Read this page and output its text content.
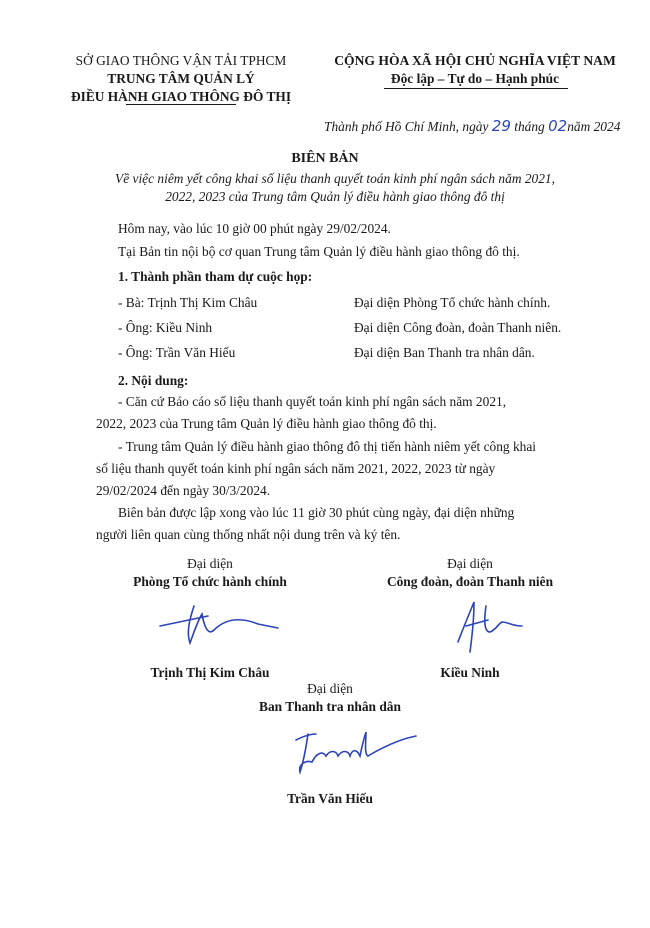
SỞ GIAO THÔNG VẬN TẢI TPHCM
TRUNG TÂM QUẢN LÝ
ĐIỀU HÀNH GIAO THÔNG ĐÔ THỊ
CỘNG HÒA XÃ HỘI CHỦ NGHĨA VIỆT NAM
Độc lập – Tự do – Hạnh phúc
Thành phố Hồ Chí Minh, ngày 29 tháng 02năm 2024
BIÊN BẢN
Về việc niêm yết công khai số liệu thanh quyết toán kinh phí ngân sách năm 2021,
2022, 2023 của Trung tâm Quản lý điều hành giao thông đô thị
Hôm nay, vào lúc 10 giờ 00 phút ngày 29/02/2024.
Tại Bản tin nội bộ cơ quan Trung tâm Quản lý điều hành giao thông đô thị.
1. Thành phần tham dự cuộc họp:
- Bà: Trịnh Thị Kim Châu	Đại diện Phòng Tổ chức hành chính.
- Ông: Kiều Ninh	Đại diện Công đoàn, đoàn Thanh niên.
- Ông: Trần Văn Hiếu	Đại diện Ban Thanh tra nhân dân.
2. Nội dung:
- Căn cứ Báo cáo số liệu thanh quyết toán kinh phí ngân sách năm 2021,
2022, 2023 của Trung tâm Quản lý điều hành giao thông đô thị.
- Trung tâm Quản lý điều hành giao thông đô thị tiến hành niêm yết công khai
số liệu thanh quyết toán kinh phí ngân sách năm 2021, 2022, 2023 từ ngày
29/02/2024 đến ngày 30/3/2024.
Biên bản được lập xong vào lúc 11 giờ 30 phút cùng ngày, đại diện những
người liên quan cùng thống nhất nội dung trên và ký tên.
Đại diện
Phòng Tổ chức hành chính
Trịnh Thị Kim Châu
Đại diện
Công đoàn, đoàn Thanh niên
Kiều Ninh
Đại diện
Ban Thanh tra nhân dân
Trần Văn Hiếu
